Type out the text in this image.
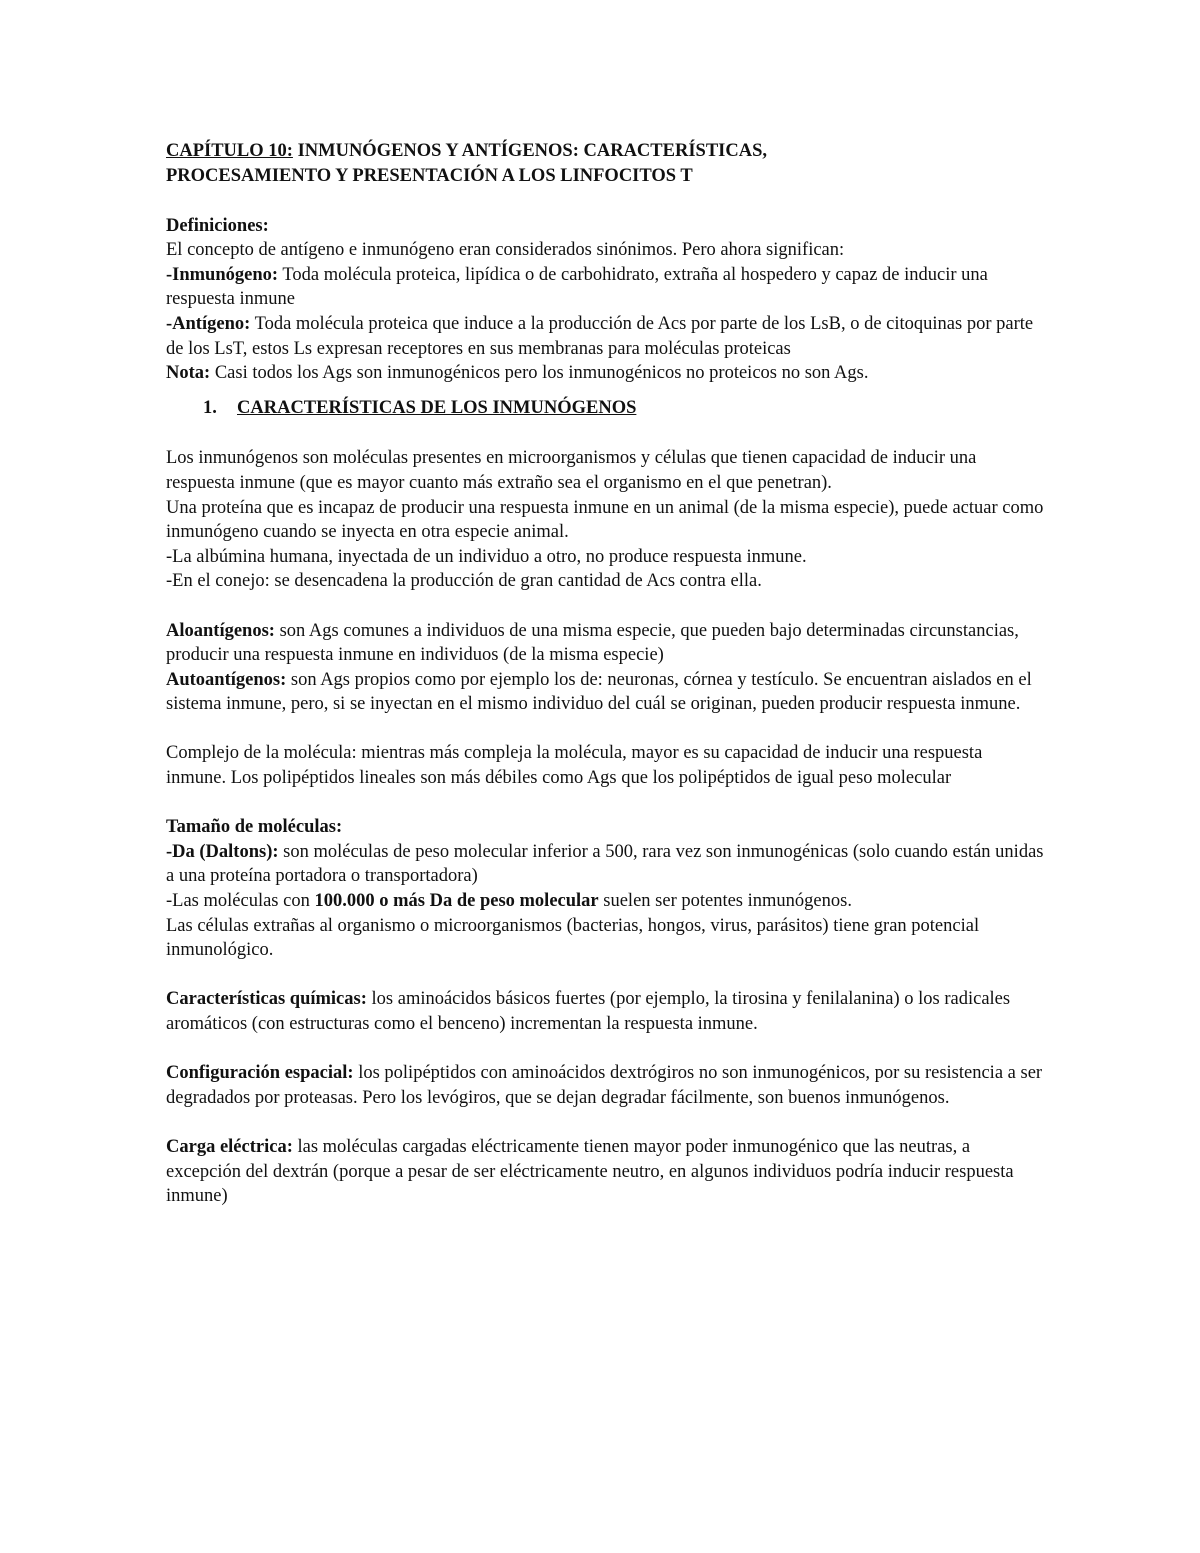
CAPÍTULO 10: INMUNÓGENOS Y ANTÍGENOS: CARACTERÍSTICAS,

PROCESAMIENTO Y PRESENTACIÓN A LOS LINFOCITOS T

Definiciones:

El concepto de antígeno e inmunógeno eran considerados sinónimos. Pero ahora significan:

-Inmunógeno: Toda molécula proteica, lipídica o de carbohidrato, extraña al hospedero y capaz de inducir una respuesta inmune

-Antígeno: Toda molécula proteica que induce a la producción de Acs por parte de los LsB, o de citoquinas por parte de los LsT, estos Ls expresan receptores en sus membranas para moléculas proteicas

Nota: Casi todos los Ags son inmunogénicos pero los inmunogénicos no proteicos no son Ags.

1. CARACTERÍSTICAS DE LOS INMUNÓGENOS

Los inmunógenos son moléculas presentes en microorganismos y células que tienen capacidad de inducir una respuesta inmune (que es mayor cuanto más extraño sea el organismo en el que penetran).

Una proteína que es incapaz de producir una respuesta inmune en un animal (de la misma especie), puede actuar como inmunógeno cuando se inyecta en otra especie animal.

-La albúmina humana, inyectada de un individuo a otro, no produce respuesta inmune.

-En el conejo: se desencadena la producción de gran cantidad de Acs contra ella.

Aloantígenos: son Ags comunes a individuos de una misma especie, que pueden bajo determinadas circunstancias, producir una respuesta inmune en individuos (de la misma especie)

Autoantígenos: son Ags propios como por ejemplo los de: neuronas, córnea y testículo. Se encuentran aislados en el sistema inmune, pero, si se inyectan en el mismo individuo del cuál se originan, pueden producir respuesta inmune.

Complejo de la molécula: mientras más compleja la molécula, mayor es su capacidad de inducir una respuesta inmune. Los polipéptidos lineales son más débiles como Ags que los polipéptidos de igual peso molecular

Tamaño de moléculas:

-Da (Daltons): son moléculas de peso molecular inferior a 500, rara vez son inmunogénicas (solo cuando están unidas a una proteína portadora o transportadora)

-Las moléculas con 100.000 o más Da de peso molecular suelen ser potentes inmunógenos.

Las células extrañas al organismo o microorganismos (bacterias, hongos, virus, parásitos) tiene gran potencial inmunológico.

Características químicas: los aminoácidos básicos fuertes (por ejemplo, la tirosina y fenilalanina) o los radicales aromáticos (con estructuras como el benceno) incrementan la respuesta inmune.

Configuración espacial: los polipéptidos con aminoácidos dextrógiros no son inmunogénicos, por su resistencia a ser degradados por proteasas. Pero los levógiros, que se dejan degradar fácilmente, son buenos inmunógenos.

Carga eléctrica: las moléculas cargadas eléctricamente tienen mayor poder inmunogénico que las neutras, a excepción del dextrán (porque a pesar de ser eléctricamente neutro, en algunos individuos podría inducir respuesta inmune)
